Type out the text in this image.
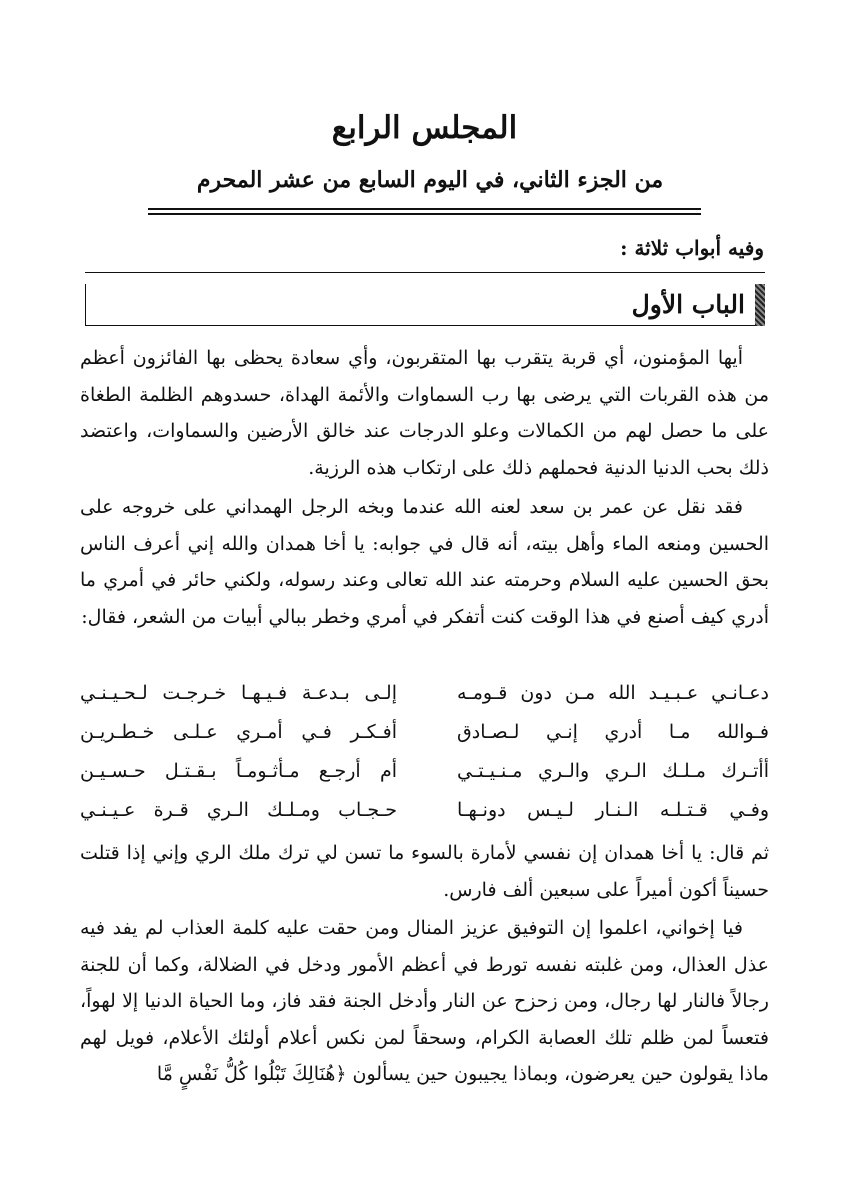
المجلس الرابع
من الجزء الثاني، في اليوم السابع من عشر المحرم
وفيه أبواب ثلاثة :
الباب الأول

أيها المؤمنون، أي قربة يتقرب بها المتقربون، وأي سعادة يحظى بها الفائزون أعظم من هذه القربات التي يرضى بها رب السماوات والأئمة الهداة، حسدوهم الظلمة الطغاة على ما حصل لهم من الكمالات وعلو الدرجات عند خالق الأرضين والسماوات، واعتضد ذلك بحب الدنيا الدنية فحملهم ذلك على ارتكاب هذه الرزية.

فقد نقل عن عمر بن سعد لعنه الله عندما وبخه الرجل الهمداني على خروجه على الحسين ومنعه الماء وأهل بيته، أنه قال في جوابه: يا أخا همدان والله إني أعرف الناس بحق الحسين عليه السلام وحرمته عند الله تعالى وعند رسوله، ولكني حائر في أمري ما أدري كيف أصنع في هذا الوقت كنت أتفكر في أمري وخطر ببالي أبيات من الشعر، فقال:

دعـانـي عـبـيـد الله مـن دون قـومـه
إلـى بـدعـة فـيـهـا خـرجـت لـحـيـنـي
فـوالله مـا أدري إنـي لـصـادق
أفـكـر فـي أمـري عـلـى خـطـريـن
أأتـرك مـلـك الـري والـري مـنـيـتـي
أم أرجـع مـأثـومـاً بـقـتـل حـسـيـن
وفـي قـتـلـه الـنـار لـيـس دونـهـا
حـجـاب ومـلـك الـري قـرة عـيـنـي

ثم قال: يا أخا همدان إن نفسي لأمارة بالسوء ما تسن لي ترك ملك الري وإني إذا قتلت حسيناً أكون أميراً على سبعين ألف فارس.

فيا إخواني، اعلموا إن التوفيق عزيز المنال ومن حقت عليه كلمة العذاب لم يفد فيه عذل العذال، ومن غلبته نفسه تورط في أعظم الأمور ودخل في الضلالة، وكما أن للجنة رجالاً فالنار لها رجال، ومن زحزح عن النار وأدخل الجنة فقد فاز، وما الحياة الدنيا إلا لهواً، فتعساً لمن ظلم تلك العصابة الكرام، وسحقاً لمن نكس أعلام أولئك الأعلام، فويل لهم ماذا يقولون حين يعرضون، وبماذا يجيبون حين يسألون ﴿هُنَالِكَ تَبْلُوا كُلُّ نَفْسٍ مَّا
